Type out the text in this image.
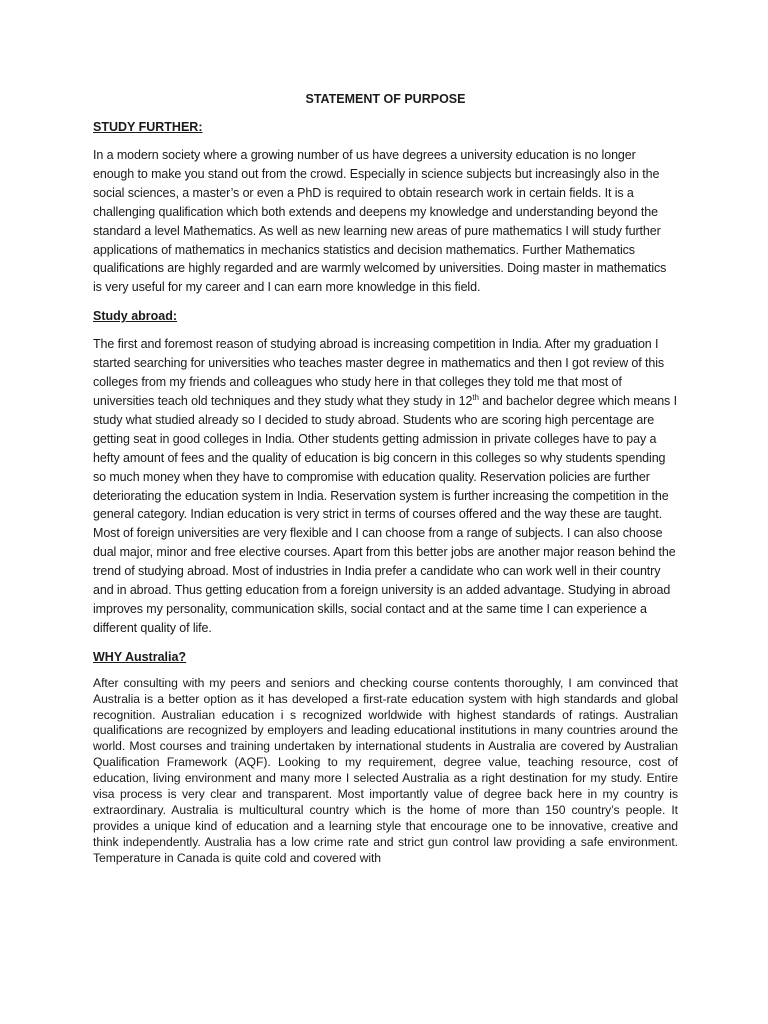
STATEMENT OF PURPOSE
STUDY FURTHER:

In a modern society where a growing number of us have degrees a university education is no longer enough to make you stand out from the crowd. Especially in science subjects but increasingly also in the social sciences, a master’s or even a PhD is required to obtain research work in certain fields. It is a challenging qualification which both extends and deepens my knowledge and understanding beyond the standard a level Mathematics. As well as new learning new areas of pure mathematics I will study further applications of mathematics in mechanics statistics and decision mathematics. Further Mathematics qualifications are highly regarded and are warmly welcomed by universities. Doing master in mathematics is very useful for my career and I can earn more knowledge in this field.

Study abroad:

The first and foremost reason of studying abroad is increasing competition in India. After my graduation I started searching for universities who teaches master degree in mathematics and then I got review of this colleges from my friends and colleagues who study here in that colleges they told me that most of universities teach old techniques and they study what they study in 12th and bachelor degree which means I study what studied already so I decided to study abroad. Students who are scoring high percentage are getting seat in good colleges in India. Other students getting admission in private colleges have to pay a hefty amount of fees and the quality of education is big concern in this colleges so why students spending so much money when they have to compromise with education quality. Reservation policies are further deteriorating the education system in India. Reservation system is further increasing the competition in the general category. Indian education is very strict in terms of courses offered and the way these are taught. Most of foreign universities are very flexible and I can choose from a range of subjects. I can also choose dual major, minor and free elective courses. Apart from this better jobs are another major reason behind the trend of studying abroad. Most of industries in India prefer a candidate who can work well in their country and in abroad. Thus getting education from a foreign university is an added advantage. Studying in abroad improves my personality, communication skills, social contact and at the same time I can experience a different quality of life.

WHY Australia?

After consulting with my peers and seniors and checking course contents thoroughly, I am convinced that Australia is a better option as it has developed a first-rate education system with high standards and global recognition. Australian education i s recognized worldwide with highest standards of ratings. Australian qualifications are recognized by employers and leading educational institutions in many countries around the world. Most courses and training undertaken by international students in Australia are covered by Australian Qualification Framework (AQF). Looking to my requirement, degree value, teaching resource, cost of education, living environment and many more I selected Australia as a right destination for my study. Entire visa process is very clear and transparent. Most importantly value of degree back here in my country is extraordinary. Australia is multicultural country which is the home of more than 150 country’s people. It provides a unique kind of education and a learning style that encourage one to be innovative, creative and think independently. Australia has a low crime rate and strict gun control law providing a safe environment. Temperature in Canada is quite cold and covered with
